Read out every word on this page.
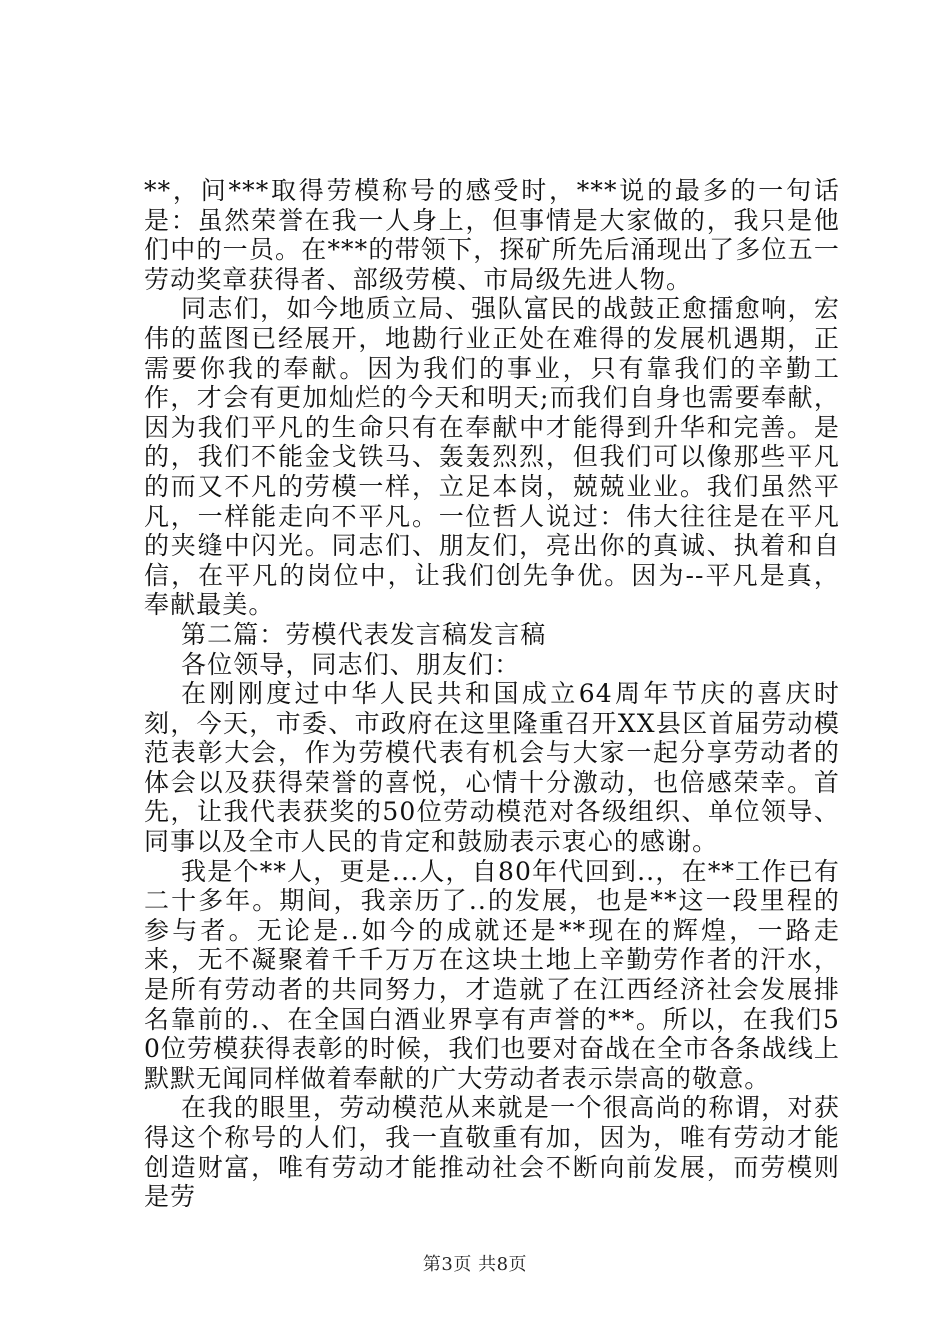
**，问***取得劳模称号的感受时，***说的最多的一句话是：虽然荣誉在我一人身上，但事情是大家做的，我只是他们中的一员。在***的带领下，探矿所先后涌现出了多位五一劳动奖章获得者、部级劳模、市局级先进人物。

同志们，如今地质立局、强队富民的战鼓正愈擂愈响，宏伟的蓝图已经展开，地勘行业正处在难得的发展机遇期，正需要你我的奉献。因为我们的事业，只有靠我们的辛勤工作，才会有更加灿烂的今天和明天;而我们自身也需要奉献，因为我们平凡的生命只有在奉献中才能得到升华和完善。是的，我们不能金戈铁马、轰轰烈烈，但我们可以像那些平凡的而又不凡的劳模一样，立足本岗，兢兢业业。我们虽然平凡，一样能走向不平凡。一位哲人说过：伟大往往是在平凡的夹缝中闪光。同志们、朋友们，亮出你的真诚、执着和自信，在平凡的岗位中，让我们创先争优。因为--平凡是真，奉献最美。

第二篇：劳模代表发言稿发言稿

各位领导，同志们、朋友们：

在刚刚度过中华人民共和国成立64周年节庆的喜庆时刻，今天，市委、市政府在这里隆重召开XX县区首届劳动模范表彰大会，作为劳模代表有机会与大家一起分享劳动者的体会以及获得荣誉的喜悦，心情十分激动，也倍感荣幸。首先，让我代表获奖的50位劳动模范对各级组织、单位领导、同事以及全市人民的肯定和鼓励表示衷心的感谢。

我是个**人，更是...人，自80年代回到..，在**工作已有二十多年。期间，我亲历了..的发展，也是**这一段里程的参与者。无论是..如今的成就还是**现在的辉煌，一路走来，无不凝聚着千千万万在这块土地上辛勤劳作者的汗水，是所有劳动者的共同努力，才造就了在江西经济社会发展排名靠前的.、在全国白酒业界享有声誉的**。所以，在我们50位劳模获得表彰的时候，我们也要对奋战在全市各条战线上默默无闻同样做着奉献的广大劳动者表示崇高的敬意。

在我的眼里，劳动模范从来就是一个很高尚的称谓，对获得这个称号的人们，我一直敬重有加，因为，唯有劳动才能创造财富，唯有劳动才能推动社会不断向前发展，而劳模则是劳

第3页 共8页
